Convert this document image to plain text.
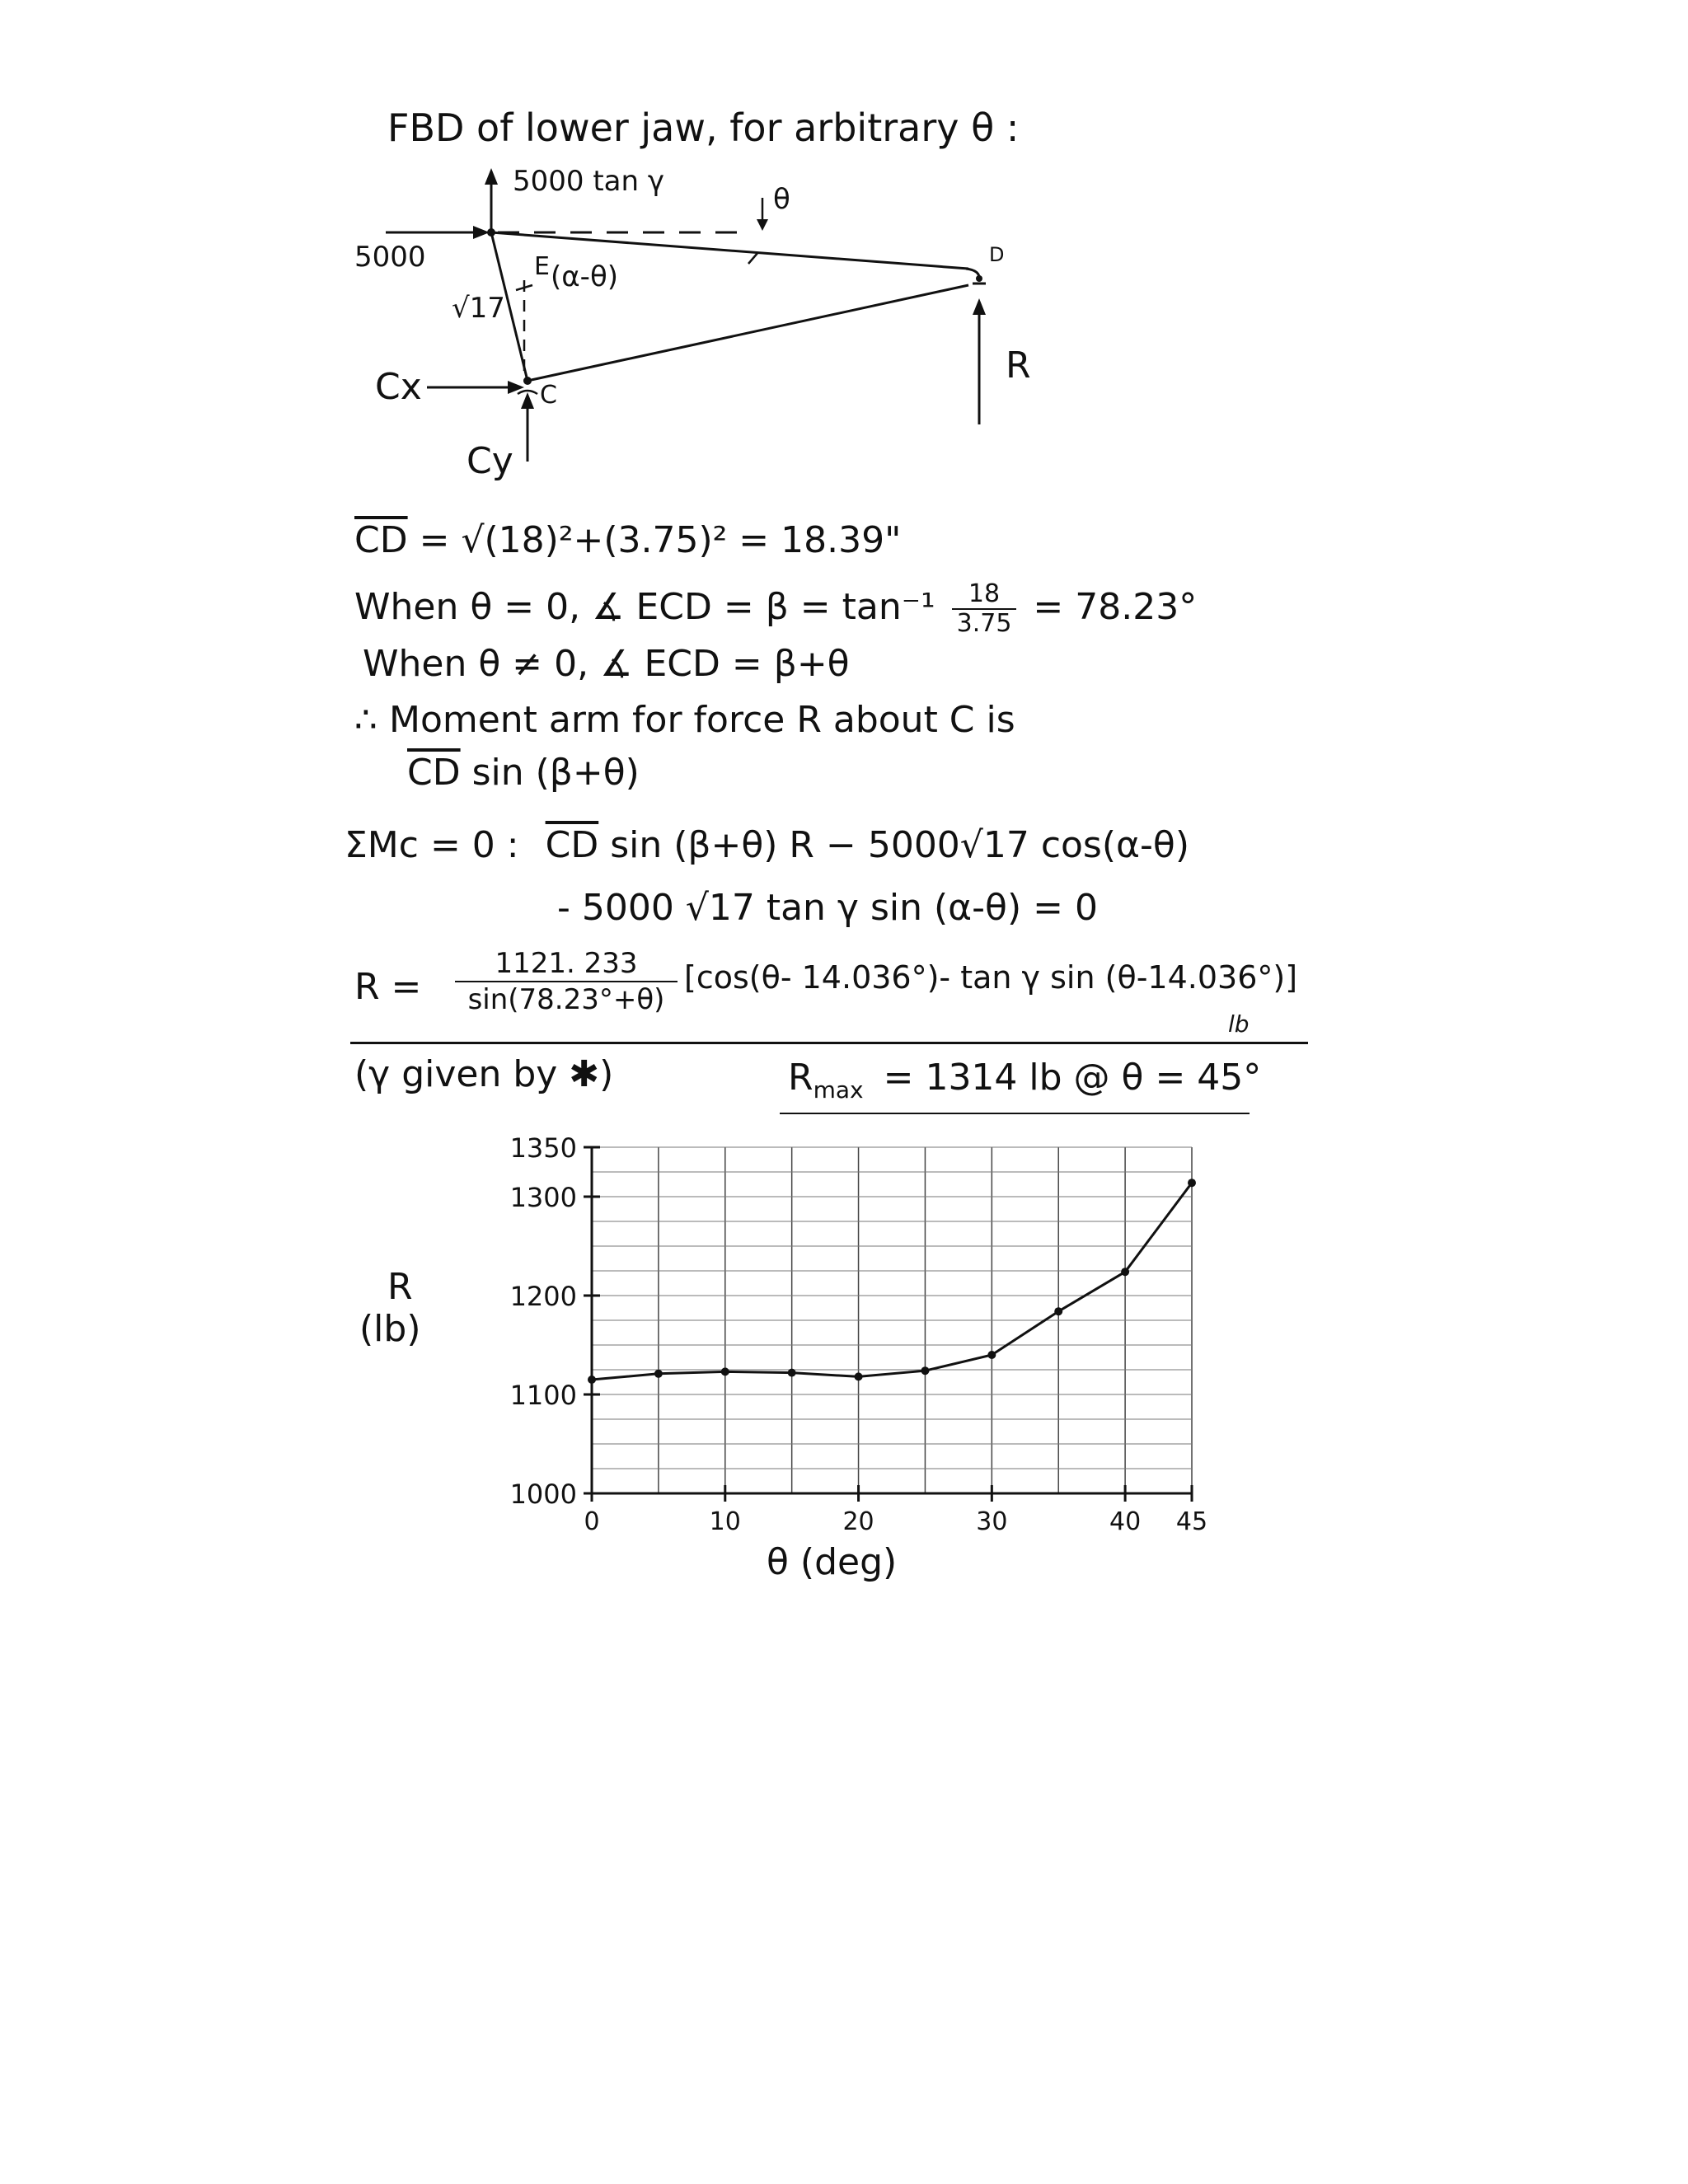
FBD of lower jaw, for arbitrary θ :
5000 tan γ
5000
θ
E (α-θ)
√17
D
R
Cx	C
Cy
$\overline{CD} = √(18)^2+(3.75)^2 = 18.39$"
When θ = 0, ∡ ECD = $\beta = \tan^{-1} \frac{18}{3.75} = 78.23^\circ$
When θ ≠ 0, ∡ ECD = β+θ
∴ Moment arm for force R about C is
$\overline{CD}$ sin (β+θ)
ΣMc = 0 : $\overline{CD}$ sin (β+θ) R − 5000√17 cos(α-θ)
- 5000 √17 tan γ sin (α-θ) = 0
$R = \frac{1121. 233}{\sin(78.23^\circ+\theta)} [\cos(\theta-$ 14.036°)- tan γ sin (θ-14.036°)]
lb
(γ given by ✱)	$R_{max} = 1314$ lb @ θ = 45°
1000
1100
1200
1300
1350
0	10	20	30	40 45
R
(lb)
θ (deg)
